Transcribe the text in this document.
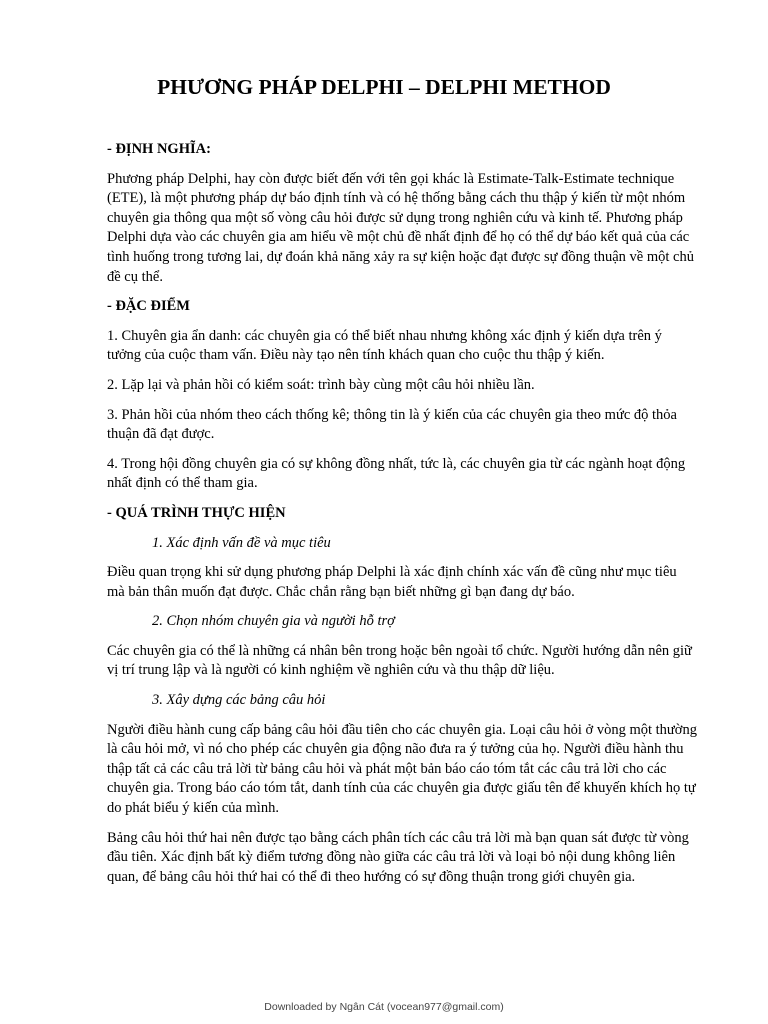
PHƯƠNG PHÁP DELPHI – DELPHI METHOD
- ĐỊNH NGHĨA:
Phương pháp Delphi, hay còn được biết đến với tên gọi khác là Estimate-Talk-Estimate technique (ETE), là một phương pháp dự báo định tính và có hệ thống bằng cách thu thập ý kiến từ một nhóm chuyên gia thông qua một số vòng câu hỏi được sử dụng trong nghiên cứu và kinh tế. Phương pháp Delphi dựa vào các chuyên gia am hiểu về một chủ đề nhất định để họ có thể dự báo kết quả của các tình huống trong tương lai, dự đoán khả năng xảy ra sự kiện hoặc đạt được sự đồng thuận về một chủ đề cụ thể.
- ĐẶC ĐIỂM
1. Chuyên gia ẩn danh: các chuyên gia có thể biết nhau nhưng không xác định ý kiến dựa trên ý tưởng của cuộc tham vấn. Điều này tạo nên tính khách quan cho cuộc thu thập ý kiến.
2. Lặp lại và phản hồi có kiểm soát: trình bày cùng một câu hỏi nhiều lần.
3. Phản hồi của nhóm theo cách thống kê; thông tin là ý kiến của các chuyên gia theo mức độ thỏa thuận đã đạt được.
4. Trong hội đồng chuyên gia có sự không đồng nhất, tức là, các chuyên gia từ các ngành hoạt động nhất định có thể tham gia.
- QUÁ TRÌNH THỰC HIỆN
1. Xác định vấn đề và mục tiêu
Điều quan trọng khi sử dụng phương pháp Delphi là xác định chính xác vấn đề cũng như mục tiêu mà bản thân muốn đạt được. Chắc chắn rằng bạn biết những gì bạn đang dự báo.
2. Chọn nhóm chuyên gia và người hỗ trợ
Các chuyên gia có thể là những cá nhân bên trong hoặc bên ngoài tổ chức. Người hướng dẫn nên giữ vị trí trung lập và là người có kinh nghiệm về nghiên cứu và thu thập dữ liệu.
3. Xây dựng các bảng câu hỏi
Người điều hành cung cấp bảng câu hỏi đầu tiên cho các chuyên gia. Loại câu hỏi ở vòng một thường là câu hỏi mở, vì nó cho phép các chuyên gia động não đưa ra ý tưởng của họ. Người điều hành thu thập tất cả các câu trả lời từ bảng câu hỏi và phát một bản báo cáo tóm tắt các câu trả lời cho các chuyên gia. Trong báo cáo tóm tắt, danh tính của các chuyên gia được giấu tên để khuyến khích họ tự do phát biểu ý kiến của mình.
Bảng câu hỏi thứ hai nên được tạo bằng cách phân tích các câu trả lời mà bạn quan sát được từ vòng đầu tiên. Xác định bất kỳ điểm tương đồng nào giữa các câu trả lời và loại bỏ nội dung không liên quan, để bảng câu hỏi thứ hai có thể đi theo hướng có sự đồng thuận trong giới chuyên gia.
Downloaded by Ngân Cát (vocean977@gmail.com)
